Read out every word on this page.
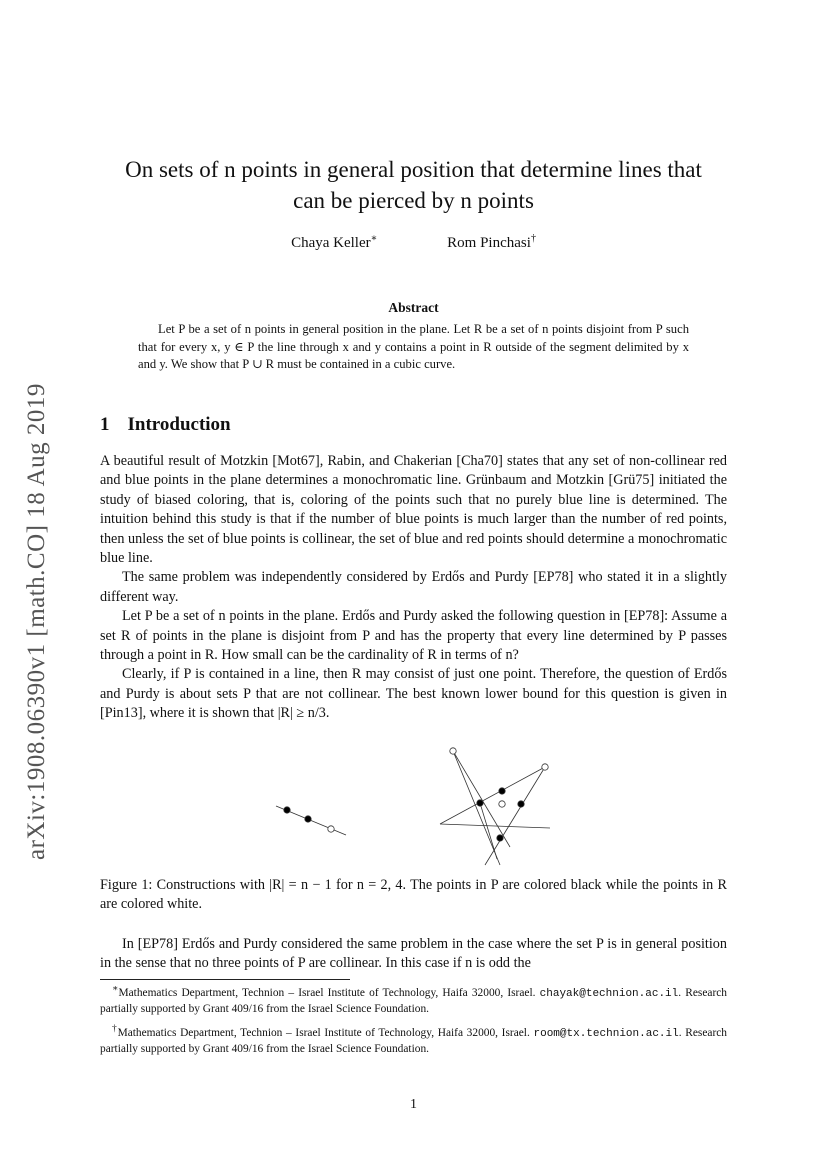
arXiv:1908.06390v1 [math.CO] 18 Aug 2019
On sets of n points in general position that determine lines that
can be pierced by n points
Chaya Keller∗	Rom Pinchasi†
Abstract

Let P be a set of n points in general position in the plane. Let R be a set of n points disjoint from P such that for every x, y ∈ P the line through x and y contains a point in R outside of the segment delimited by x and y. We show that P ∪ R must be contained in a cubic curve.

1 Introduction

A beautiful result of Motzkin [Mot67], Rabin, and Chakerian [Cha70] states that any set of non-collinear red and blue points in the plane determines a monochromatic line. Grünbaum and Motzkin [Grü75] initiated the study of biased coloring, that is, coloring of the points such that no purely blue line is determined. The intuition behind this study is that if the number of blue points is much larger than the number of red points, then unless the set of blue points is collinear, the set of blue and red points should determine a monochromatic blue line.

The same problem was independently considered by Erdős and Purdy [EP78] who stated it in a slightly different way.

Let P be a set of n points in the plane. Erdős and Purdy asked the following question in [EP78]: Assume a set R of points in the plane is disjoint from P and has the property that every line determined by P passes through a point in R. How small can be the cardinality of R in terms of n?

Clearly, if P is contained in a line, then R may consist of just one point. Therefore, the question of Erdős and Purdy is about sets P that are not collinear. The best known lower bound for this question is given in [Pin13], where it is shown that |R| ≥ n/3.

Figure 1: Constructions with |R| = n − 1 for n = 2, 4. The points in P are colored black while the points in R are colored white.

In [EP78] Erdős and Purdy considered the same problem in the case where the set P is in general position in the sense that no three points of P are collinear. In this case if n is odd the

∗Mathematics Department, Technion – Israel Institute of Technology, Haifa 32000, Israel. chayak@technion.ac.il. Research partially supported by Grant 409/16 from the Israel Science Foundation.

†Mathematics Department, Technion – Israel Institute of Technology, Haifa 32000, Israel. room@tx.technion.ac.il. Research partially supported by Grant 409/16 from the Israel Science Foundation.

1
